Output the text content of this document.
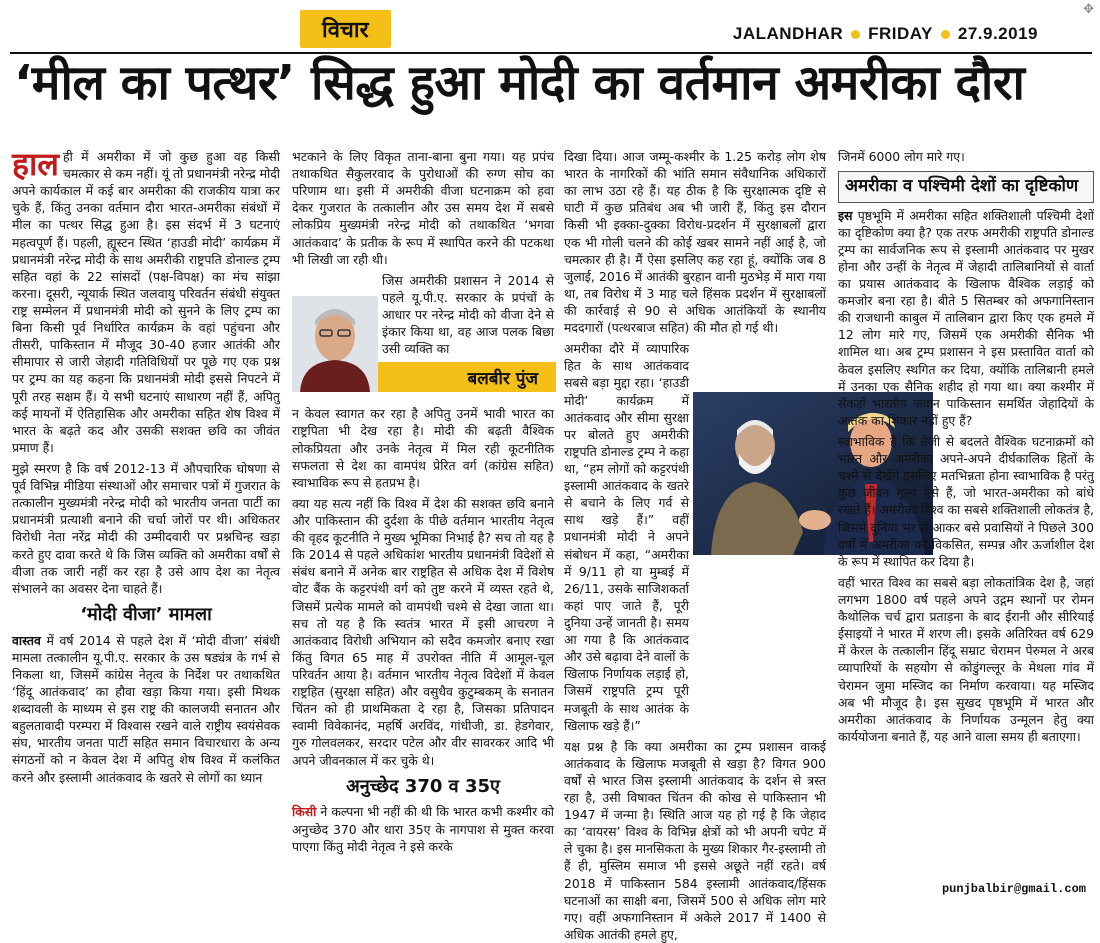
विचार	JALANDHAR FRIDAY 27.9.2019
✥
‘मील का पत्थर’ सिद्ध हुआ मोदी का वर्तमान अमरीका दौरा

हाल ही में अमरीका में जो कुछ हुआ वह किसी चमत्कार से कम नहीं। यूं तो प्रधानमंत्री नरेन्द्र मोदी अपने कार्यकाल में कई बार अमरीका की राजकीय यात्रा कर चुके हैं, किंतु उनका वर्तमान दौरा भारत-अमरीका संबंधों में मील का पत्थर सिद्ध हुआ है। इस संदर्भ में 3 घटनाएं महत्वपूर्ण हैं। पहली, ह्यूस्टन स्थित ‘हाउडी मोदी’ कार्यक्रम में प्रधानमंत्री नरेन्द्र मोदी के साथ अमरीकी राष्ट्रपति डोनाल्ड ट्रम्प सहित वहां के 22 सांसदों (पक्ष-विपक्ष) का मंच सांझा करना। दूसरी, न्यूयार्क स्थित जलवायु परिवर्तन संबंधी संयुक्त राष्ट्र सम्मेलन में प्रधानमंत्री मोदी को सुनने के लिए ट्रम्प का बिना किसी पूर्व निर्धारित कार्यक्रम के वहां पहुंचना और तीसरी, पाकिस्तान में मौजूद 30-40 हजार आतंकी और सीमापार से जारी जेहादी गतिविधियों पर पूछे गए एक प्रश्न पर ट्रम्प का यह कहना कि प्रधानमंत्री मोदी इससे निपटने में पूरी तरह सक्षम हैं। ये सभी घटनाएं साधारण नहीं हैं, अपितु कई मायनों में ऐतिहासिक और अमरीका सहित शेष विश्व में भारत के बढ़ते कद और उसकी सशक्त छवि का जीवंत प्रमाण हैं।

मुझे स्मरण है कि वर्ष 2012-13 में औपचारिक घोषणा से पूर्व विभिन्न मीडिया संस्थाओं और समाचार पत्रों में गुजरात के तत्कालीन मुख्यमंत्री नरेन्द्र मोदी को भारतीय जनता पार्टी का प्रधानमंत्री प्रत्याशी बनाने की चर्चा जोरों पर थी। अधिकतर विरोधी नेता नरेंद्र मोदी की उम्मीदवारी पर प्रश्नचिन्ह खड़ा करते हुए दावा करते थे कि जिस व्यक्ति को अमरीका वर्षों से वीजा तक जारी नहीं कर रहा है उसे आप देश का नेतृत्व संभालने का अवसर देना चाहते हैं।

‘मोदी वीजा’ मामला

वास्तव में वर्ष 2014 से पहले देश में ‘मोदी वीजा’ संबंधी मामला तत्कालीन यू.पी.ए. सरकार के उस षड्यंत्र के गर्भ से निकला था, जिसमें कांग्रेस नेतृत्व के निर्देश पर तथाकथित ‘हिंदू आतंकवाद’ का हौवा खड़ा किया गया। इसी मिथक शब्दावली के माध्यम से इस राष्ट्र की कालजयी सनातन और बहुलतावादी परम्परा में विश्वास रखने वाले राष्ट्रीय स्वयंसेवक संघ, भारतीय जनता पार्टी सहित समान विचारधारा के अन्य संगठनों को न केवल देश में अपितु शेष विश्व में कलंकित करने और इस्लामी आतंकवाद के खतरे से लोगों का ध्यान

भटकाने के लिए विकृत ताना-बाना बुना गया। यह प्रपंच तथाकथित सैकुलरवाद के पुरोधाओं की रुग्ण सोच का परिणाम था। इसी में अमरीकी वीजा घटनाक्रम को हवा देकर गुजरात के तत्कालीन और उस समय देश में सबसे लोकप्रिय मुख्यमंत्री नरेन्द्र मोदी को तथाकथित ‘भगवा आतंकवाद’ के प्रतीक के रूप में स्थापित करने की पटकथा भी लिखी जा रही थी।

जिस अमरीकी प्रशासन ने 2014 से पहले यू.पी.ए. सरकार के प्रपंचों के आधार पर नरेन्द्र मोदी को वीजा देने से इंकार किया था, वह आज पलक बिछा उसी व्यक्ति का

न केवल स्वागत कर रहा है अपितु उनमें भावी भारत का राष्ट्रपिता भी देख रहा है। मोदी की बढ़ती वैश्विक लोकप्रियता और उनके नेतृत्व में मिल रही कूटनीतिक सफलता से देश का वामपंथ प्रेरित वर्ग (कांग्रेस सहित) स्वाभाविक रूप से हतप्रभ है।

क्या यह सत्य नहीं कि विश्व में देश की सशक्त छवि बनाने और पाकिस्तान की दुर्दशा के पीछे वर्तमान भारतीय नेतृत्व की वृहद कूटनीति ने मुख्य भूमिका निभाई है? सच तो यह है कि 2014 से पहले अधिकांश भारतीय प्रधानमंत्री विदेशों से संबंध बनाने में अनेक बार राष्ट्रहित से अधिक देश में विशेष वोट बैंक के कट्टरपंथी वर्ग को तुष्ट करने में व्यस्त रहते थे, जिसमें प्रत्येक मामले को वामपंथी चश्मे से देखा जाता था। सच तो यह है कि स्वतंत्र भारत में इसी आचरण ने आतंकवाद विरोधी अभियान को सदैव कमजोर बनाए रखा किंतु विगत 65 माह में उपरोक्त नीति में आमूल-चूल परिवर्तन आया है। वर्तमान भारतीय नेतृत्व विदेशों में केवल राष्ट्रहित (सुरक्षा सहित) और वसुधैव कुटुम्बकम् के सनातन चिंतन को ही प्राथमिकता दे रहा है, जिसका प्रतिपादन स्वामी विवेकानंद, महर्षि अरविंद, गांधीजी, डा. हेडगेवार, गुरु गोलवलकर, सरदार पटेल और वीर सावरकर आदि भी अपने जीवनकाल में कर चुके थे।

अनुच्छेद 370 व 35ए

किसी ने कल्पना भी नहीं की थी कि भारत कभी कश्मीर को अनुच्छेद 370 और धारा 35ए के नागपाश से मुक्त करवा पाएगा किंतु मोदी नेतृत्व ने इसे करके

बलबीर पुंज

दिखा दिया। आज जम्मू-कश्मीर के 1.25 करोड़ लोग शेष भारत के नागरिकों की भांति समान संवैधानिक अधिकारों का लाभ उठा रहे हैं। यह ठीक है कि सुरक्षात्मक दृष्टि से घाटी में कुछ प्रतिबंध अब भी जारी हैं, किंतु इस दौरान किसी भी इक्का-दुक्का विरोध-प्रदर्शन में सुरक्षाबलों द्वारा एक भी गोली चलने की कोई खबर सामने नहीं आई है, जो चमत्कार ही है। मैं ऐसा इसलिए कह रहा हूं, क्योंकि जब 8 जुलाई, 2016 में आतंकी बुरहान वानी मुठभेड़ में मारा गया था, तब विरोध में 3 माह चले हिंसक प्रदर्शन में सुरक्षाबलों की कार्रवाई से 90 से अधिक आतंकियों के स्थानीय मददगारों (पत्थरबाज सहित) की मौत हो गई थी।

अमरीका दौरे में व्यापारिक हित के साथ आतंकवाद सबसे बड़ा मुद्दा रहा। ‘हाउडी मोदी’ कार्यक्रम में आतंकवाद और सीमा सुरक्षा पर बोलते हुए अमरीकी राष्ट्रपति डोनाल्ड ट्रम्प ने कहा था, “हम लोगों को कट्टरपंथी इस्लामी आतंकवाद के खतरे से बचाने के लिए गर्व से साथ खड़े हैं।” वहीं प्रधानमंत्री मोदी ने अपने संबोधन में कहा, “अमरीका में 9/11 हो या मुम्बई में 26/11, उसके साजिशकर्ता कहां पाए जाते हैं, पूरी दुनिया उन्हें जानती है। समय आ गया है कि आतंकवाद और उसे बढ़ावा देने वालों के खिलाफ निर्णायक लड़ाई हो, जिसमें राष्ट्रपति ट्रम्प पूरी मजबूती के साथ आतंक के खिलाफ खड़े हैं।”

यक्ष प्रश्न है कि क्या अमरीका का ट्रम्प प्रशासन वाकई आतंकवाद के खिलाफ मजबूती से खड़ा है? विगत 900 वर्षों से भारत जिस इस्लामी आतंकवाद के दर्शन से त्रस्त रहा है, उसी विषाक्त चिंतन की कोख से पाकिस्तान भी 1947 में जन्मा है। स्थिति आज यह हो गई है कि जेहाद का ‘वायरस’ विश्व के विभिन्न क्षेत्रों को भी अपनी चपेट में ले चुका है। इस मानसिकता के मुख्य शिकार गैर-इस्लामी तो हैं ही, मुस्लिम समाज भी इससे अछूते नहीं रहते। वर्ष 2018 में पाकिस्तान 584 इस्लामी आतंकवाद/हिंसक घटनाओं का साक्षी बना, जिसमें 500 से अधिक लोग मारे गए। वहीं अफगानिस्तान में अकेले 2017 में 1400 से अधिक आतंकी हमले हुए,

जिनमें 6000 लोग मारे गए।

अमरीका व पश्चिमी देशों का दृष्टिकोण

इस पृष्ठभूमि में अमरीका सहित शक्तिशाली पश्चिमी देशों का दृष्टिकोण क्या है? एक तरफ अमरीकी राष्ट्रपति डोनाल्ड ट्रम्प का सार्वजनिक रूप से इस्लामी आतंकवाद पर मुखर होना और उन्हीं के नेतृत्व में जेहादी तालिबानियों से वार्ता का प्रयास आतंकवाद के खिलाफ वैश्विक लड़ाई को कमजोर बना रहा है। बीते 5 सितम्बर को अफगानिस्तान की राजधानी काबुल में तालिबान द्वारा किए एक हमले में 12 लोग मारे गए, जिसमें एक अमरीकी सैनिक भी शामिल था। अब ट्रम्प प्रशासन ने इस प्रस्तावित वार्ता को केवल इसलिए स्थगित कर दिया, क्योंकि तालिबानी हमले में उनका एक सैनिक शहीद हो गया था। क्या कश्मीर में सैंकड़ों भारतीय जवान पाकिस्तान समर्थित जेहादियों के आतंक का शिकार नहीं हुए हैं?

स्वाभाविक है कि तेजी से बदलते वैश्विक घटनाक्रमों को भारत और अमरीका अपने-अपने दीर्घकालिक हितों के चश्मे से देखेंगे इसलिए मतभिन्नता होना स्वाभाविक है परंतु कुछ जीवन मूल्य ऐसे हैं, जो भारत-अमरीका को बांधे रखते हैं। अमरीका विश्व का सबसे शक्तिशाली लोकतंत्र है, जिसमें दुनिया भर से आकर बसे प्रवासियों ने पिछले 300 वर्षों में अमरीका को विकसित, सम्पन्न और ऊर्जाशील देश के रूप में स्थापित कर दिया है।

वहीं भारत विश्व का सबसे बड़ा लोकतांत्रिक देश है, जहां लगभग 1800 वर्ष पहले अपने उद्गम स्थानों पर रोमन कैथोलिक चर्च द्वारा प्रताड़ना के बाद ईरानी और सीरियाई ईसाइयों ने भारत में शरण ली। इसके अतिरिक्त वर्ष 629 में केरल के तत्कालीन हिंदू सम्राट चेरामन पेरुमल ने अरब व्यापारियों के सहयोग से कोडुंगल्लूर के मेथला गांव में चेरामन जुमा मस्जिद का निर्माण करवाया। यह मस्जिद अब भी मौजूद है। इस सुखद पृष्ठभूमि में भारत और अमरीका आतंकवाद के निर्णायक उन्मूलन हेतु क्या कार्ययोजना बनाते हैं, यह आने वाला समय ही बताएगा।

punjbalbir@gmail.com
